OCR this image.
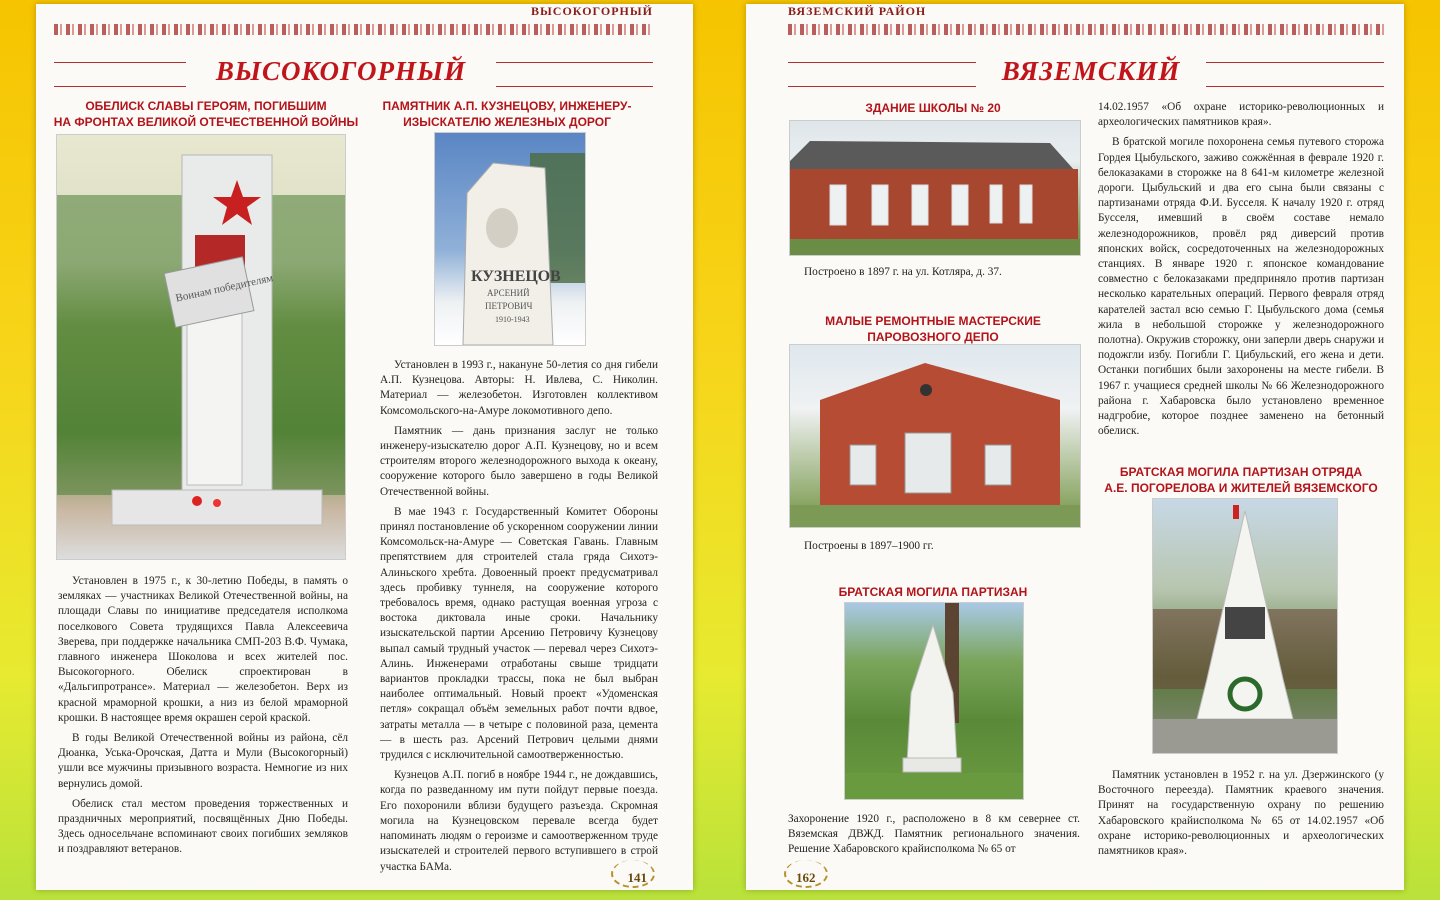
ВЫСОКОГОРНЫЙ
ВЫСОКОГОРНЫЙ
ОБЕЛИСК СЛАВЫ ГЕРОЯМ, ПОГИБШИМ
НА ФРОНТАХ ВЕЛИКОЙ ОТЕЧЕСТВЕННОЙ ВОЙНЫ
Воинам победителям

Установлен в 1975 г., к 30-летию Победы, в память о земляках — участниках Великой Отечественной войны, на площади Славы по инициативе председателя исполкома поселкового Совета трудящихся Павла Алексеевича Зверева, при поддержке начальника СМП-203 В.Ф. Чумака, главного инженера Шоколова и всех жителей пос. Высокогорного. Обелиск спроектирован в «Дальгипротрансе». Материал — железобетон. Верх из красной мраморной крошки, а низ из белой мраморной крошки. В настоящее время окрашен серой краской.

В годы Великой Отечественной войны из района, сёл Дюанка, Уська-Орочская, Датта и Мули (Высокогорный) ушли все мужчины призывного возраста. Немногие из них вернулись домой.

Обелиск стал местом проведения торжественных и праздничных мероприятий, посвящённых Дню Победы. Здесь односельчане вспоминают своих погибших земляков и поздравляют ветеранов.

ПАМЯТНИК А.П. КУЗНЕЦОВУ, ИНЖЕНЕРУ-
ИЗЫСКАТЕЛЮ ЖЕЛЕЗНЫХ ДОРОГ
КУЗНЕЦОВ
АРСЕНИЙ
ПЕТРОВИЧ
1910-1943

Установлен в 1993 г., накануне 50-летия со дня гибели А.П. Кузнецова. Авторы: Н. Ивлева, С. Николин. Материал — железобетон. Изготовлен коллективом Комсомольского-на-Амуре локомотивного депо.

Памятник — дань признания заслуг не только инженеру-изыскателю дорог А.П. Кузнецову, но и всем строителям второго железнодорожного выхода к океану, сооружение которого было завершено в годы Великой Отечественной войны.

В мае 1943 г. Государственный Комитет Обороны принял постановление об ускоренном сооружении линии Комсомольск-на-Амуре — Советская Гавань. Главным препятствием для строителей стала гряда Сихотэ-Алиньского хребта. Довоенный проект предусматривал здесь пробивку туннеля, на сооружение которого требовалось время, однако растущая военная угроза с востока диктовала иные сроки. Начальнику изыскательской партии Арсению Петровичу Кузнецову выпал самый трудный участок — перевал через Сихотэ-Алинь. Инженерами отработаны свыше тридцати вариантов прокладки трассы, пока не был выбран наиболее оптимальный. Новый проект «Удоменская петля» сокращал объём земельных работ почти вдвое, затраты металла — в четыре с половиной раза, цемента — в шесть раз. Арсений Петрович целыми днями трудился с исключительной самоотверженностью.

Кузнецов А.П. погиб в ноябре 1944 г., не дождавшись, когда по разведанному им пути пойдут первые поезда. Его похоронили вблизи будущего разъезда. Скромная могила на Кузнецовском перевале всегда будет напоминать людям о героизме и самоотверженном труде изыскателей и строителей первого вступившего в строй участка БАМа.

141
ВЯЗЕМСКИЙ РАЙОН
ВЯЗЕМСКИЙ
ЗДАНИЕ ШКОЛЫ № 20
Построено в 1897 г. на ул. Котляра, д. 37.
МАЛЫЕ РЕМОНТНЫЕ МАСТЕРСКИЕ
ПАРОВОЗНОГО ДЕПО
Построены в 1897–1900 гг.
БРАТСКАЯ МОГИЛА ПАРТИЗАН
Захоронение 1920 г., расположено в 8 км севернее ст. Вяземская ДВЖД. Памятник регионального значения. Решение Хабаровского крайисполкома № 65 от

14.02.1957 «Об охране историко-революционных и археологических памятников края».

В братской могиле похоронена семья путевого сторожа Гордея Цыбульского, заживо сожжённая в феврале 1920 г. белоказаками в сторожке на 8 641-м километре железной дороги. Цыбульский и два его сына были связаны с партизанами отряда Ф.И. Бусселя. К началу 1920 г. отряд Бусселя, имевший в своём составе немало железнодорожников, провёл ряд диверсий против японских войск, сосредоточенных на железнодорожных станциях. В январе 1920 г. японское командование совместно с белоказаками предприняло против партизан несколько карательных операций. Первого февраля отряд карателей застал всю семью Г. Цыбульского дома (семья жила в небольшой сторожке у железнодорожного полотна). Окружив сторожку, они заперли дверь снаружи и подожгли избу. Погибли Г. Цибульский, его жена и дети. Останки погибших были захоронены на месте гибели. В 1967 г. учащиеся средней школы № 66 Железнодорожного района г. Хабаровска было установлено временное надгробие, которое позднее заменено на бетонный обелиск.

БРАТСКАЯ МОГИЛА ПАРТИЗАН ОТРЯДА
А.Е. ПОГОРЕЛОВА И ЖИТЕЛЕЙ ВЯЗЕМСКОГО

Памятник установлен в 1952 г. на ул. Дзержинского (у Восточного переезда). Памятник краевого значения. Принят на государственную охрану по решению Хабаровского крайисполкома № 65 от 14.02.1957 «Об охране историко-революционных и археологических памятников края».

162
